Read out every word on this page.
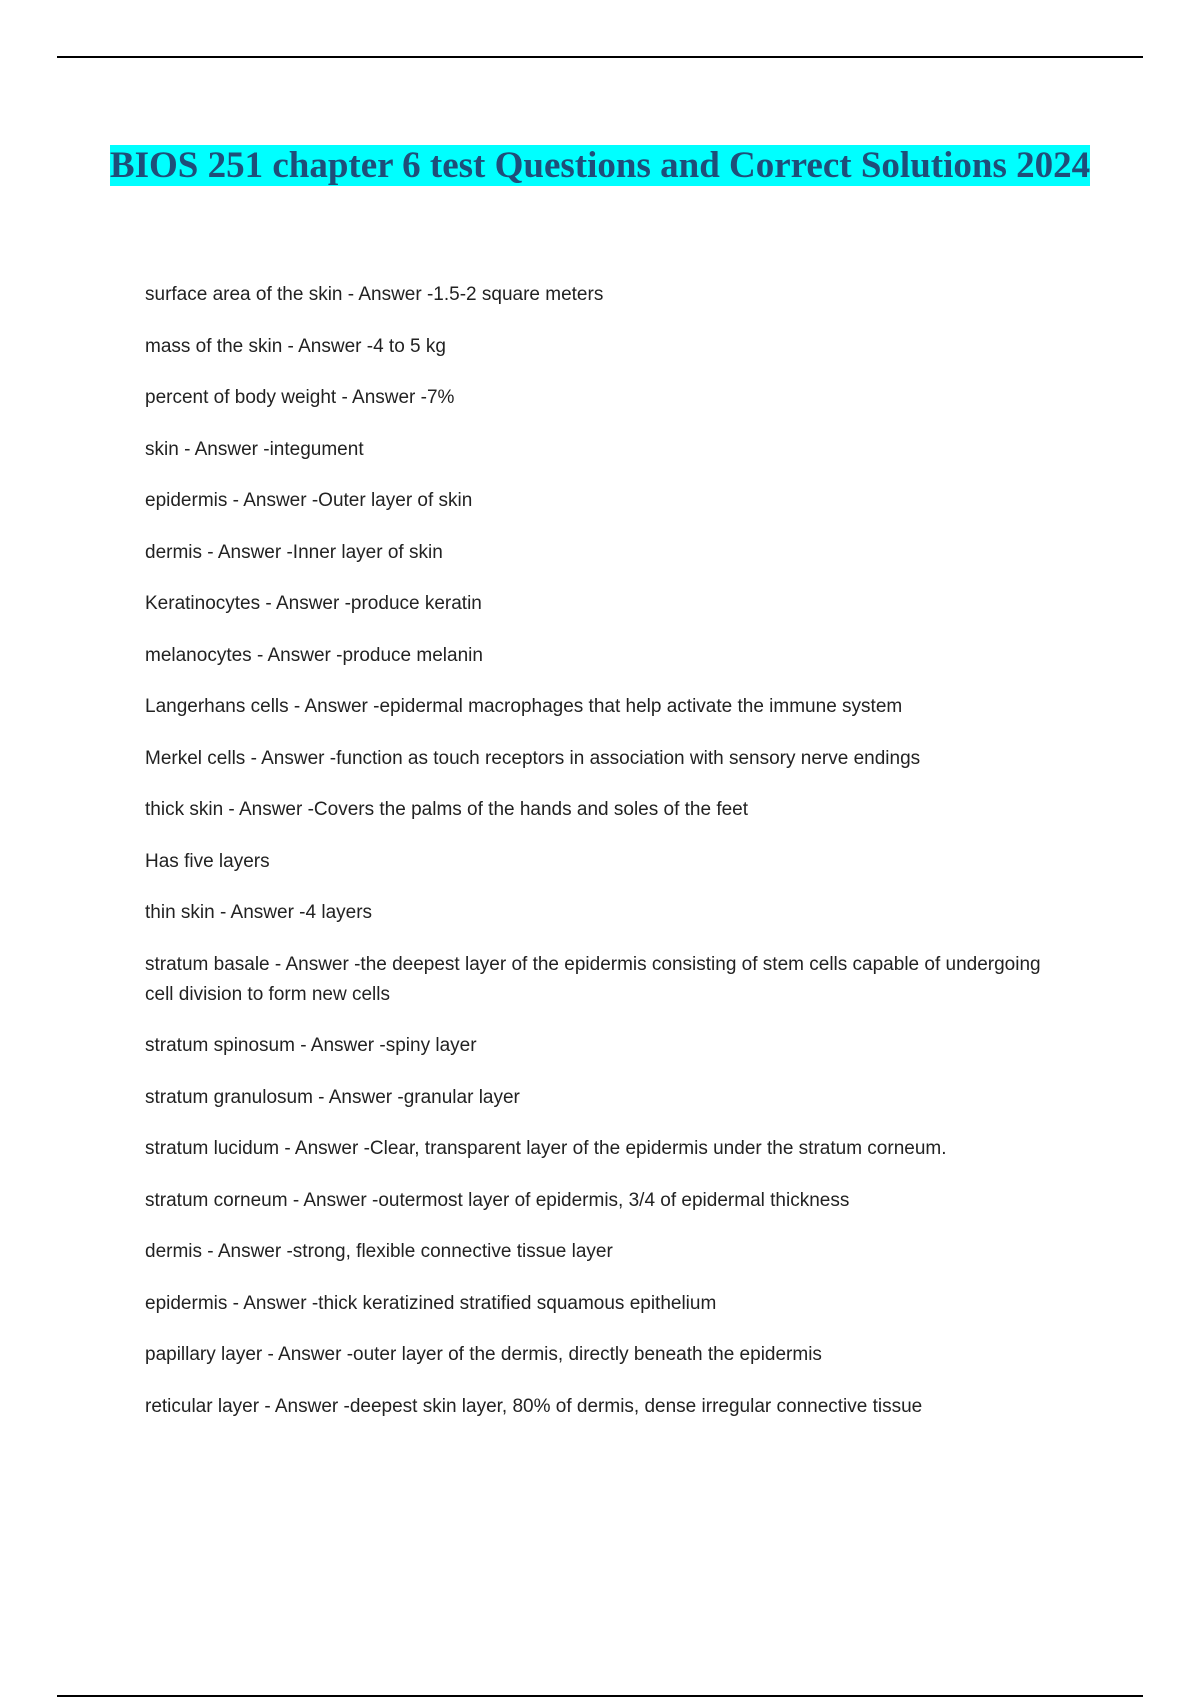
BIOS 251 chapter 6 test Questions and Correct Solutions 2024
surface area of the skin - Answer -1.5-2 square meters
mass of the skin - Answer -4 to 5 kg
percent of body weight - Answer -7%
skin - Answer -integument
epidermis - Answer -Outer layer of skin
dermis - Answer -Inner layer of skin
Keratinocytes - Answer -produce keratin
melanocytes - Answer -produce melanin
Langerhans cells - Answer -epidermal macrophages that help activate the immune system
Merkel cells - Answer -function as touch receptors in association with sensory nerve endings
thick skin - Answer -Covers the palms of the hands and soles of the feet
Has five layers
thin skin - Answer -4 layers
stratum basale - Answer -the deepest layer of the epidermis consisting of stem cells capable of undergoing cell division to form new cells
stratum spinosum - Answer -spiny layer
stratum granulosum - Answer -granular layer
stratum lucidum - Answer -Clear, transparent layer of the epidermis under the stratum corneum.
stratum corneum - Answer -outermost layer of epidermis, 3/4 of epidermal thickness
dermis - Answer -strong, flexible connective tissue layer
epidermis - Answer -thick keratizined stratified squamous epithelium
papillary layer - Answer -outer layer of the dermis, directly beneath the epidermis
reticular layer - Answer -deepest skin layer, 80% of dermis, dense irregular connective tissue
